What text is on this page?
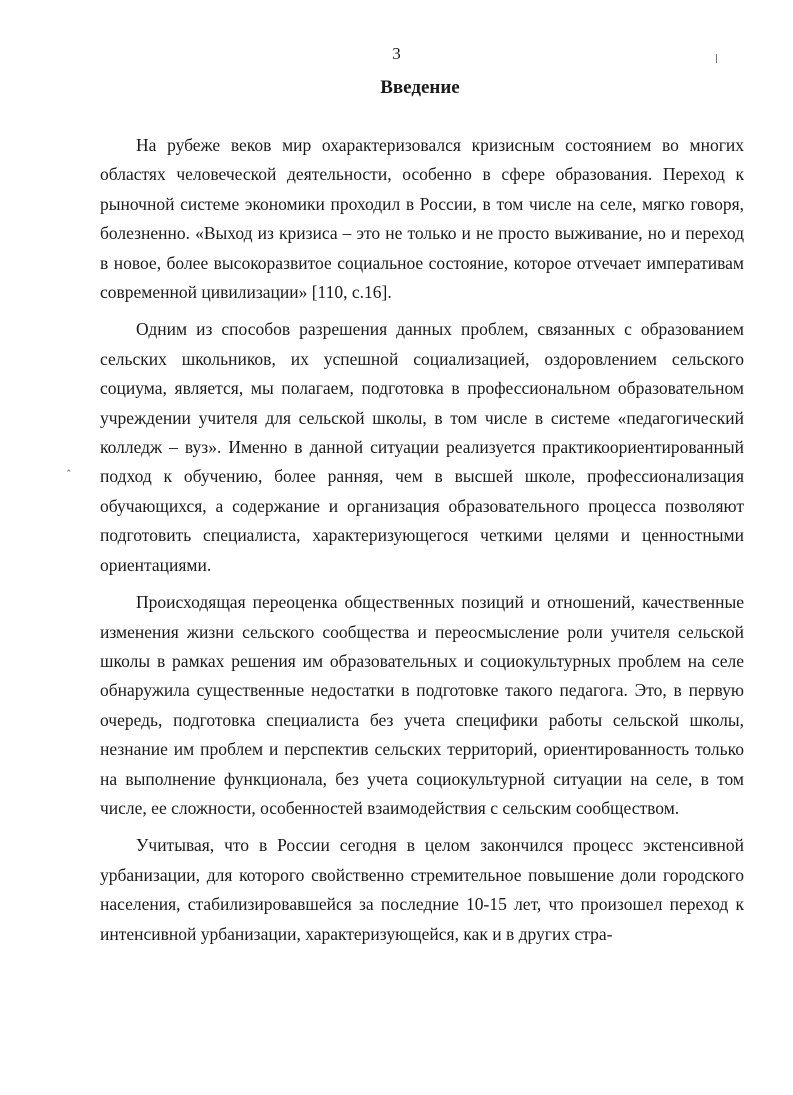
3
Введение
ˆ

На рубеже веков мир охарактеризовался кризисным состоянием во многих областях человеческой деятельности, особенно в сфере образования. Переход к рыночной системе экономики проходил в России, в том числе на селе, мягко говоря, болезненно. «Выход из кризиса – это не только и не просто выживание, но и переход в новое, более высокоразвитое социальное состояние, которое отvечает императивам современной цивилизации» [110, с.16].

Одним из способов разрешения данных проблем, связанных с образованием сельских школьников, их успешной социализацией, оздоровлением сельского социума, является, мы полагаем, подготовка в профессиональном образовательном учреждении учителя для сельской школы, в том числе в системе «педагогический колледж – вуз». Именно в данной ситуации реализуется практикоориентированный подход к обучению, более ранняя, чем в высшей школе, профессионализация обучающихся, а содержание и организация образовательного процесса позволяют подготовить специалиста, характеризующегося четкими целями и ценностными ориентациями.

Происходящая переоценка общественных позиций и отношений, качественные изменения жизни сельского сообщества и переосмысление роли учителя сельской школы в рамках решения им образовательных и социокультурных проблем на селе обнаружила существенные недостатки в подготовке такого педагога. Это, в первую очередь, подготовка специалиста без учета специфики работы сельской школы, незнание им проблем и перспектив сельских территорий, ориентированность только на выполнение функционала, без учета социокультурной ситуации на селе, в том числе, ее сложности, особенностей взаимодействия с сельским сообществом.

Учитывая, что в России сегодня в целом закончился процесс экстенсивной урбанизации, для которого свойственно стремительное повышение доли городского населения, стабилизировавшейся за последние 10-15 лет, что произошел переход к интенсивной урбанизации, характеризующейся, как и в других стра-
